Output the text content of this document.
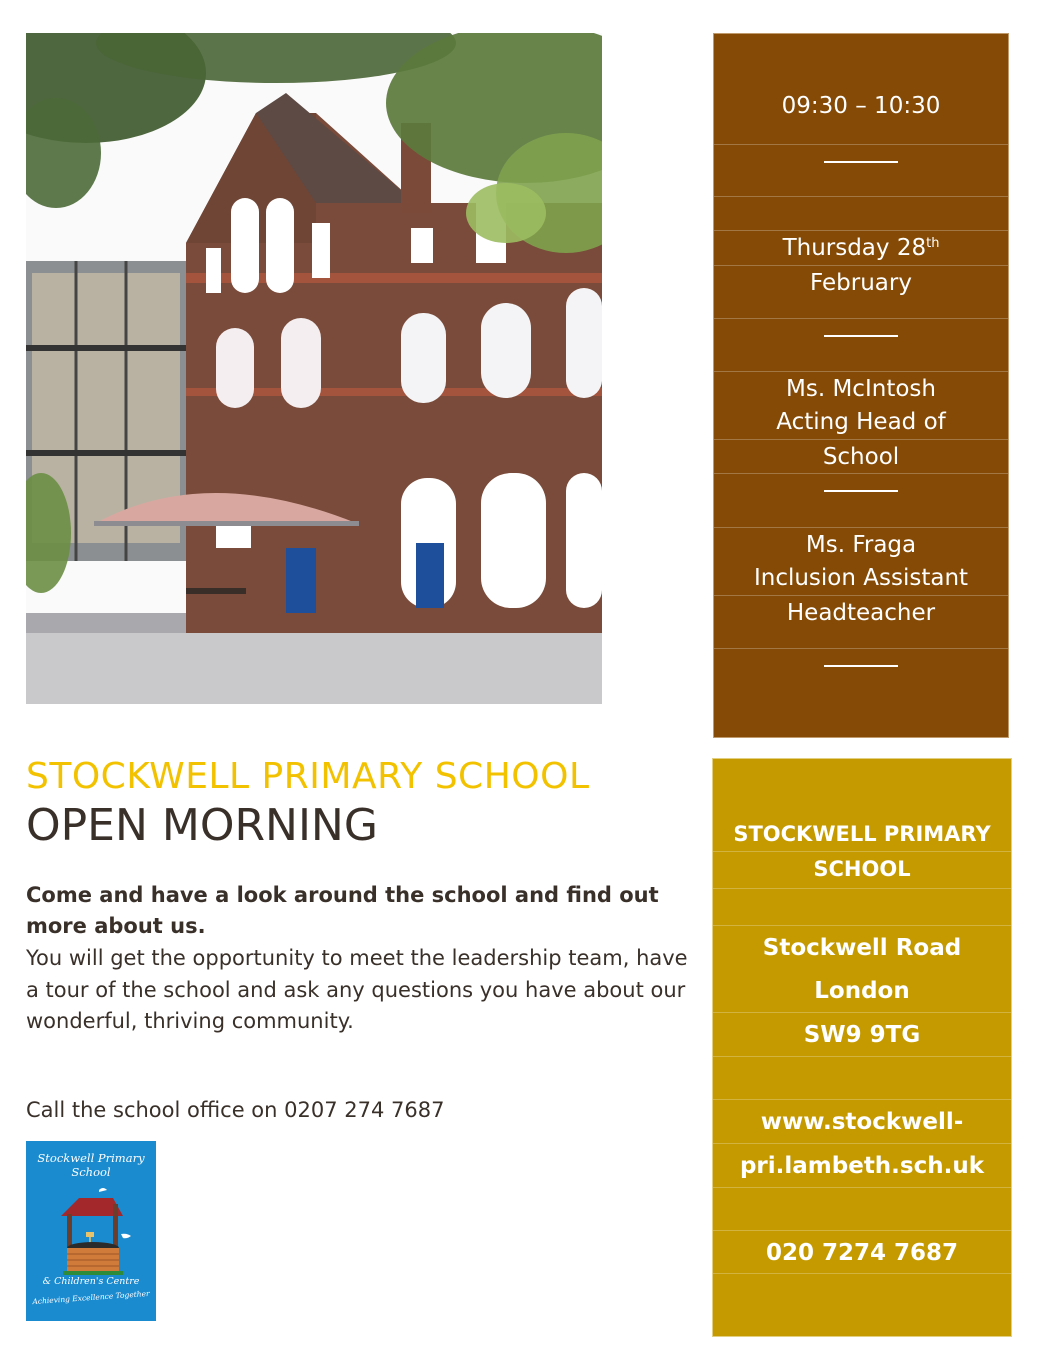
09:30 – 10:30
Thursday 28th
February
Ms. McIntosh
Acting Head of
School
Ms. Fraga
Inclusion Assistant
Headteacher
STOCKWELL PRIMARY
SCHOOL
Stockwell Road
London
SW9 9TG
www.stockwell-
pri.lambeth.sch.uk
020 7274 7687
STOCKWELL PRIMARY SCHOOL
OPEN MORNING

Come and have a look around the school and find out more about us.

You will get the opportunity to meet the leadership team, have a tour of the school and ask any questions you have about our wonderful, thriving community.

Call the school office on 0207 274 7687

Stockwell Primary
School
& Children's Centre
Achieving Excellence Together
